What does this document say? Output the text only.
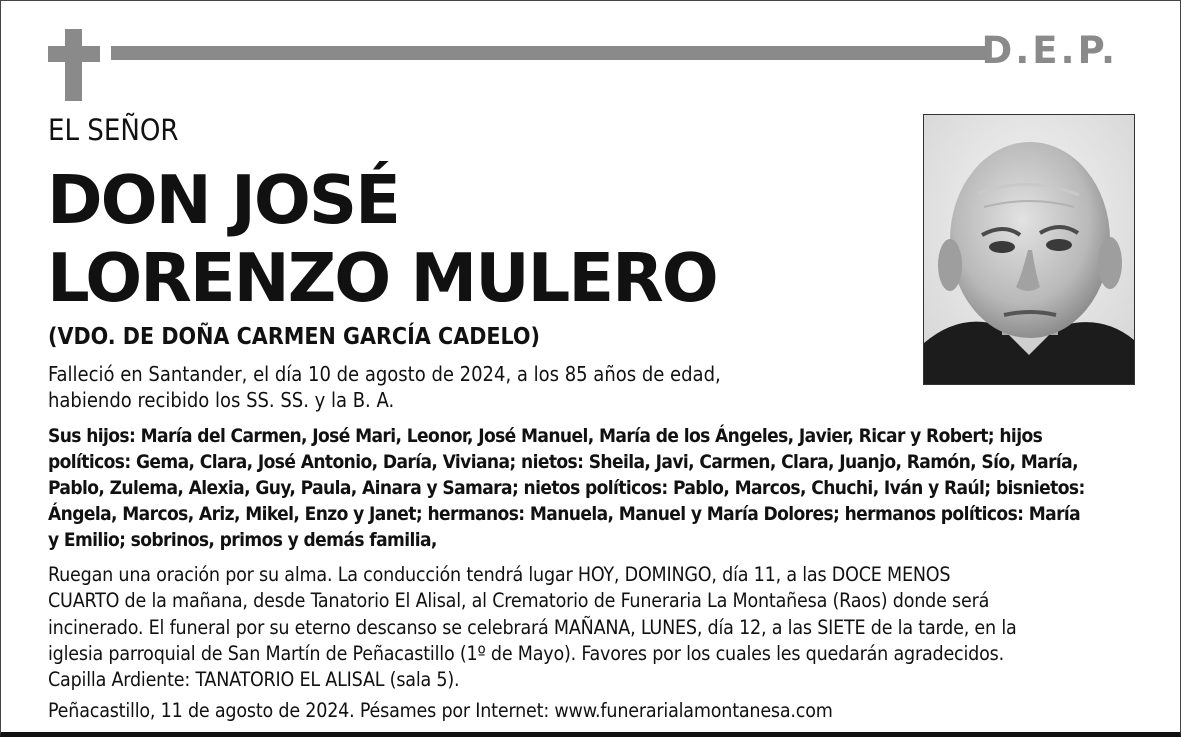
D.E.P.
EL SEÑOR
DON JOSÉ
LORENZO MULERO
(VDO. DE DOÑA CARMEN GARCÍA CADELO)
Falleció en Santander, el día 10 de agosto de 2024, a los 85 años de edad,
habiendo recibido los SS. SS. y la B. A.
Sus hijos: María del Carmen, José Mari, Leonor, José Manuel, María de los Ángeles, Javier, Ricar y Robert; hijos
políticos: Gema, Clara, José Antonio, Daría, Viviana; nietos: Sheila, Javi, Carmen, Clara, Juanjo, Ramón, Sío, María,
Pablo, Zulema, Alexia, Guy, Paula, Ainara y Samara; nietos políticos: Pablo, Marcos, Chuchi, Iván y Raúl; bisnietos:
Ángela, Marcos, Ariz, Mikel, Enzo y Janet; hermanos: Manuela, Manuel y María Dolores; hermanos políticos: María
y Emilio; sobrinos, primos y demás familia,
Ruegan una oración por su alma. La conducción tendrá lugar HOY, DOMINGO, día 11, a las DOCE MENOS
CUARTO de la mañana, desde Tanatorio El Alisal, al Crematorio de Funeraria La Montañesa (Raos) donde será
incinerado. El funeral por su eterno descanso se celebrará MAÑANA, LUNES, día 12, a las SIETE de la tarde, en la
iglesia parroquial de San Martín de Peñacastillo (1º de Mayo). Favores por los cuales les quedarán agradecidos.
Capilla Ardiente: TANATORIO EL ALISAL (sala 5).
Peñacastillo, 11 de agosto de 2024. Pésames por Internet: www.funerarialamontanesa.com
